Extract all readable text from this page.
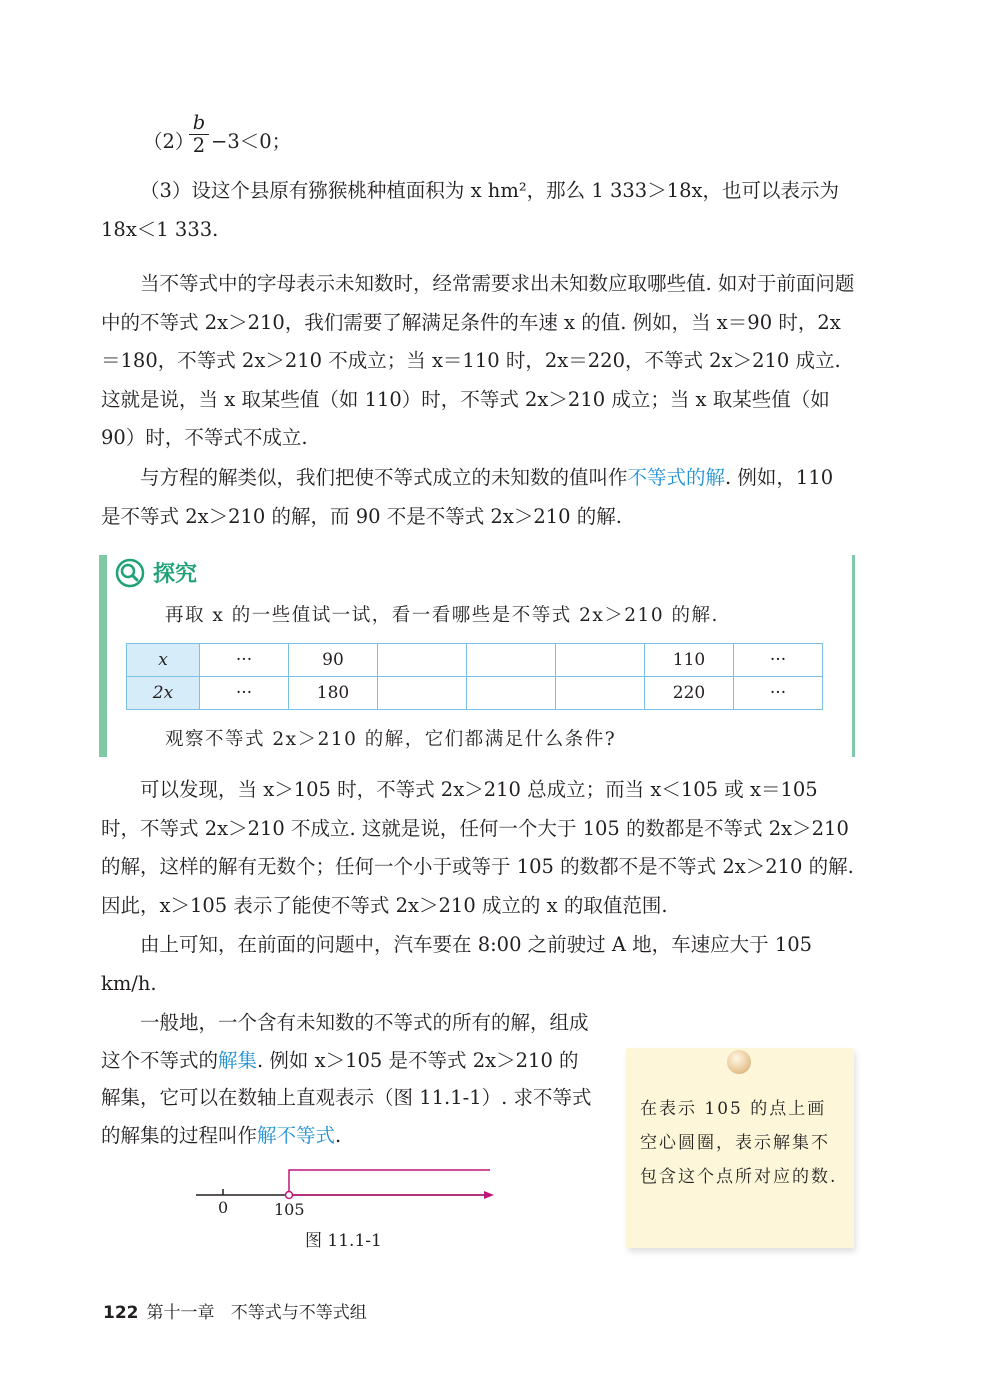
（2）
b
2 −3＜0；

（3）设这个县原有猕猴桃种植面积为 x hm²，那么 1 333＞18x，也可以表示为 18x＜1 333.

当不等式中的字母表示未知数时，经常需要求出未知数应取哪些值. 如对于前面问题中的不等式 2x＞210，我们需要了解满足条件的车速 x 的值. 例如，当 x＝90 时，2x＝180，不等式 2x＞210 不成立；当 x＝110 时，2x＝220，不等式 2x＞210 成立. 这就是说，当 x 取某些值（如 110）时，不等式 2x＞210 成立；当 x 取某些值（如 90）时，不等式不成立.

与方程的解类似，我们把使不等式成立的未知数的值叫作不等式的解. 例如，110 是不等式 2x＞210 的解，而 90 不是不等式 2x＞210 的解.

探究
再取 x 的一些值试一试，看一看哪些是不等式 2x＞210 的解.
x	···	90				110	···
2x	···	180				220	···
观察不等式 2x＞210 的解，它们都满足什么条件?

可以发现，当 x＞105 时，不等式 2x＞210 总成立；而当 x＜105 或 x＝105 时，不等式 2x＞210 不成立. 这就是说，任何一个大于 105 的数都是不等式 2x＞210 的解，这样的解有无数个；任何一个小于或等于 105 的数都不是不等式 2x＞210 的解. 因此，x＞105 表示了能使不等式 2x＞210 成立的 x 的取值范围.

由上可知，在前面的问题中，汽车要在 8:00 之前驶过 A 地，车速应大于 105 km/h.

一般地，一个含有未知数的不等式的所有的解，组成这个不等式的解集. 例如 x＞105 是不等式 2x＞210 的解集，它可以在数轴上直观表示（图 11.1-1）. 求不等式的解集的过程叫作解不等式.

0	105
图 11.1-1
在表示 105 的点上画空心圆圈，表示解集不包含这个点所对应的数.
122 第十一章   不等式与不等式组
